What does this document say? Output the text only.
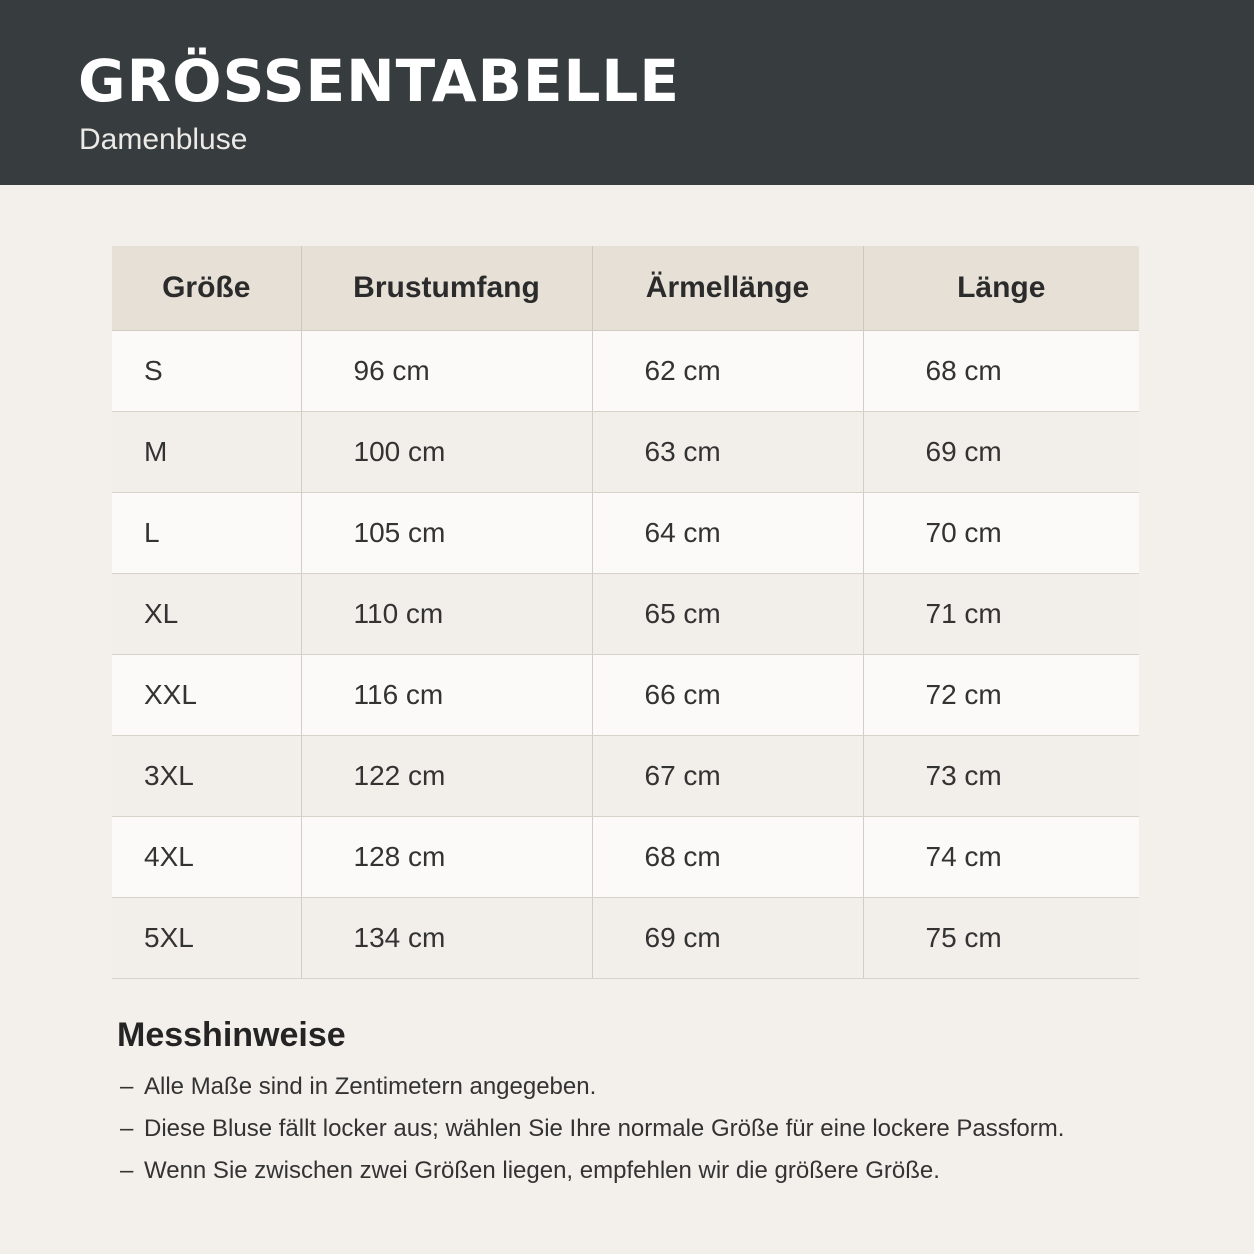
GRÖSSENTABELLE
Damenbluse
Größe	Brustumfang	Ärmellänge	Länge
S	96 cm	62 cm	68 cm
M	100 cm	63 cm	69 cm
L	105 cm	64 cm	70 cm
XL	110 cm	65 cm	71 cm
XXL	116 cm	66 cm	72 cm
3XL	122 cm	67 cm	73 cm
4XL	128 cm	68 cm	74 cm
5XL	134 cm	69 cm	75 cm
Messhinweise
– Alle Maße sind in Zentimetern angegeben.
– Diese Bluse fällt locker aus; wählen Sie Ihre normale Größe für eine lockere Passform.
– Wenn Sie zwischen zwei Größen liegen, empfehlen wir die größere Größe.
